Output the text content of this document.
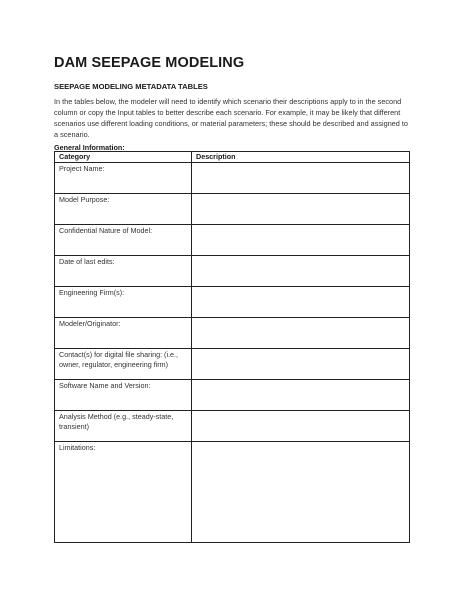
DAM SEEPAGE MODELING
SEEPAGE MODELING METADATA TABLES

In the tables below, the modeler will need to identify which scenario their descriptions apply to in the second column or copy the Input tables to better describe each scenario. For example, it may be likely that different scenarios use different loading conditions, or material parameters; these should be described and assigned to a scenario.

General Information:
Category	Description
Project Name:	
Model Purpose:	
Confidential Nature of Model:	
Date of last edits:	
Engineering Firm(s):	
Modeler/Originator:	
Contact(s) for digital file sharing: (i.e., owner, regulator, engineering firm)	
Software Name and Version:	
Analysis Method (e.g., steady-state, transient)	
Limitations:	
